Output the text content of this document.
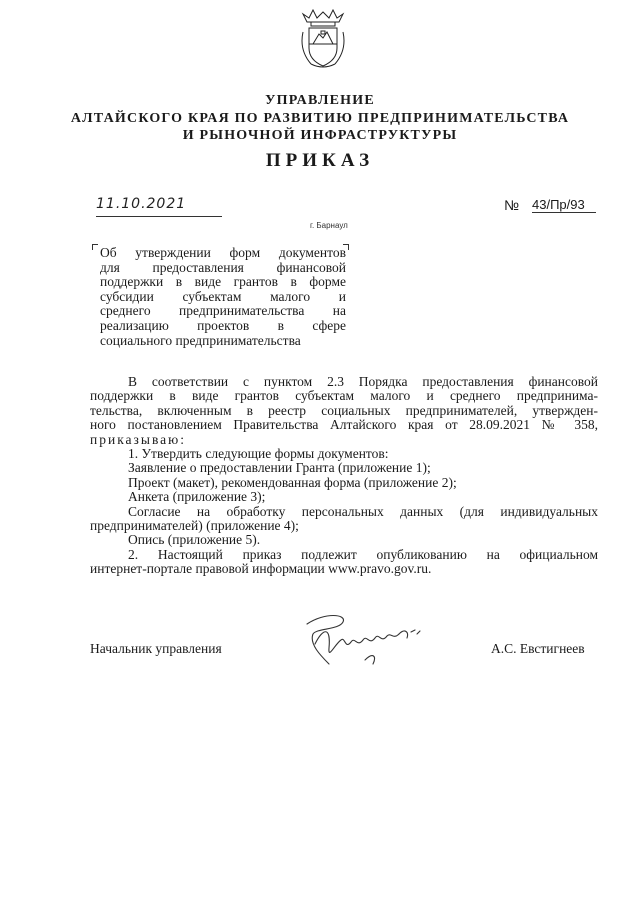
УПРАВЛЕНИЕ
АЛТАЙСКОГО КРАЯ ПО РАЗВИТИЮ ПРЕДПРИНИМАТЕЛЬСТВА
И РЫНОЧНОЙ ИНФРАСТРУКТУРЫ
ПРИКАЗ
11.10.2021	№ 43/Пр/93
г. Барнаул
Об утверждении форм документов
для предоставления финансовой
поддержки в виде грантов в форме
субсидии субъектам малого и
среднего предпринимательства на
реализацию проектов в сфере
социального предпринимательства
В соответствии с пунктом 2.3 Порядка предоставления финансовой
поддержки в виде грантов субъектам малого и среднего предпринима-
тельства, включенным в реестр социальных предпринимателей, утвержден-
ного постановлением Правительства Алтайского края от 28.09.2021 № 358,
приказываю:
1. Утвердить следующие формы документов:
Заявление о предоставлении Гранта (приложение 1);
Проект (макет), рекомендованная форма (приложение 2);
Анкета (приложение 3);
Согласие на обработку персональных данных (для индивидуальных
предпринимателей) (приложение 4);
Опись (приложение 5).
2. Настоящий приказ подлежит опубликованию на официальном
интернет-портале правовой информации www.pravo.gov.ru.
Начальник управления	А.С. Евстигнеев
